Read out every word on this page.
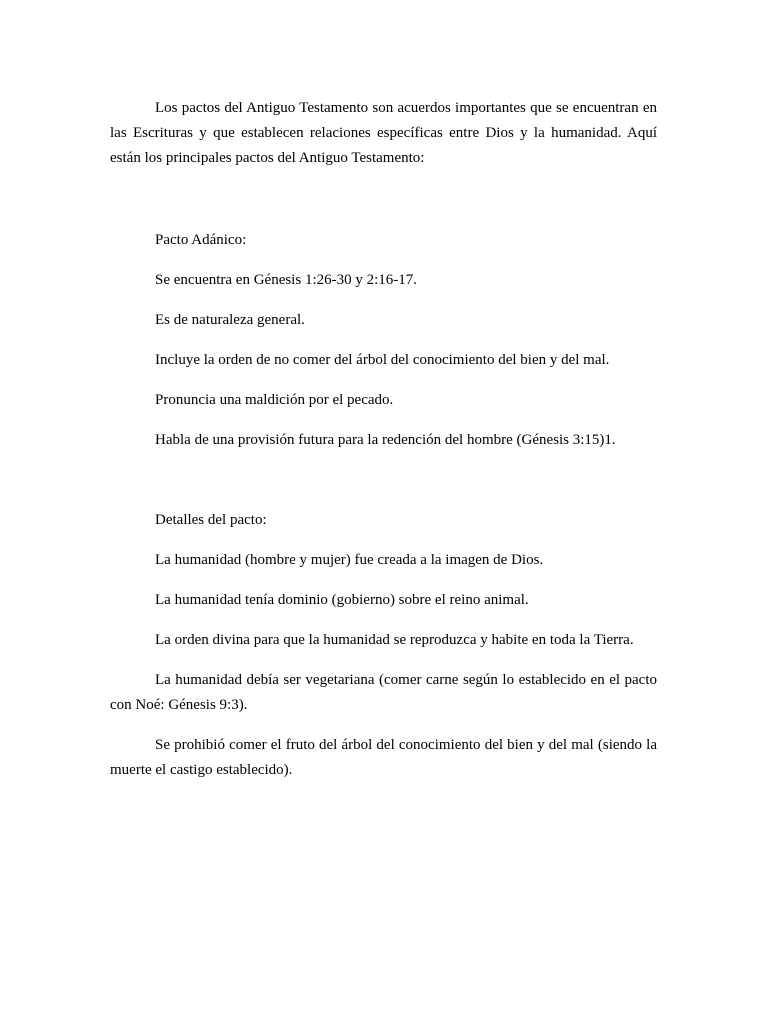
Los pactos del Antiguo Testamento son acuerdos importantes que se encuentran en las Escrituras y que establecen relaciones específicas entre Dios y la humanidad. Aquí están los principales pactos del Antiguo Testamento:

Pacto Adánico:

Se encuentra en Génesis 1:26-30 y 2:16-17.

Es de naturaleza general.

Incluye la orden de no comer del árbol del conocimiento del bien y del mal.

Pronuncia una maldición por el pecado.

Habla de una provisión futura para la redención del hombre (Génesis 3:15)1.

Detalles del pacto:

La humanidad (hombre y mujer) fue creada a la imagen de Dios.

La humanidad tenía dominio (gobierno) sobre el reino animal.

La orden divina para que la humanidad se reproduzca y habite en toda la Tierra.

La humanidad debía ser vegetariana (comer carne según lo establecido en el pacto con Noé: Génesis 9:3).

Se prohibió comer el fruto del árbol del conocimiento del bien y del mal (siendo la muerte el castigo establecido).
